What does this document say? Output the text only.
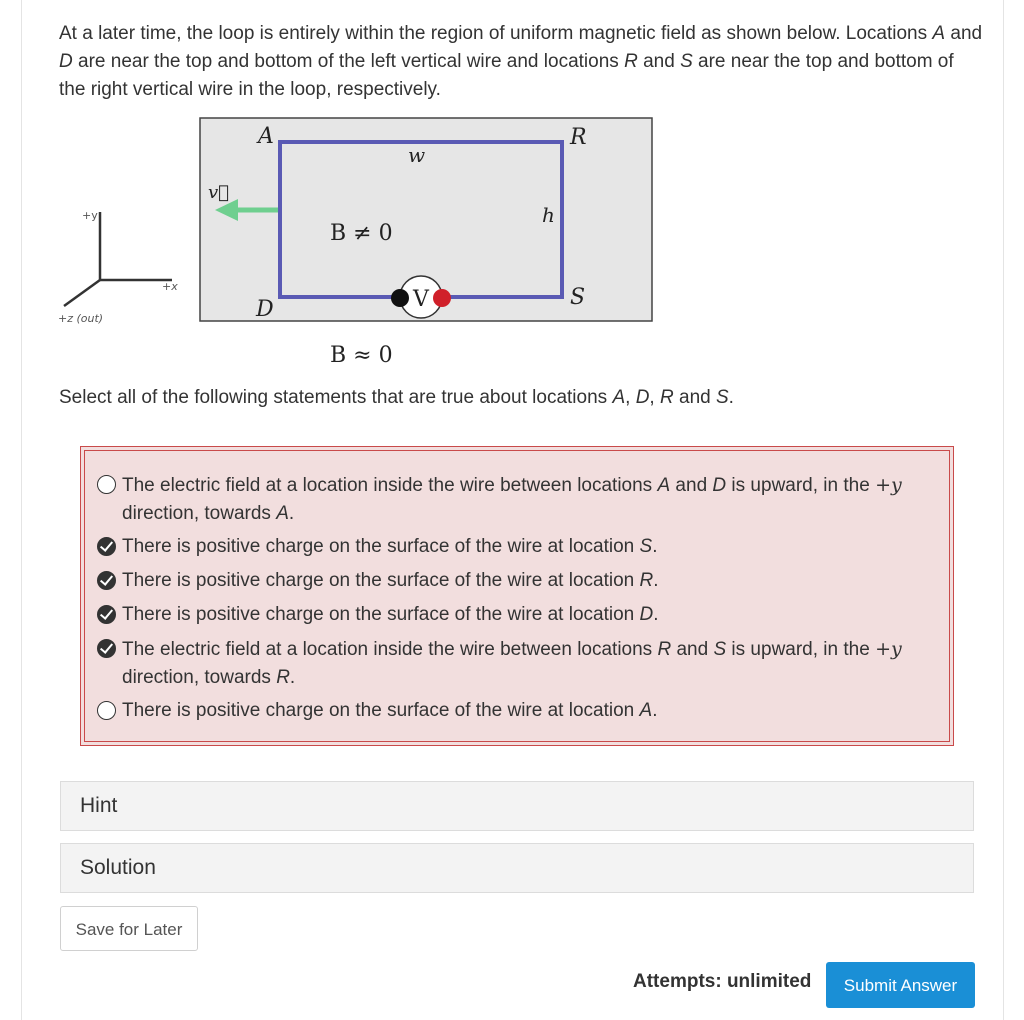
At a later time, the loop is entirely within the region of uniform magnetic field as shown below. Locations A and D are near the top and bottom of the left vertical wire and locations R and S are near the top and bottom of the right vertical wire in the loop, respectively.
v⃗
V
A	R
D	S
w
h
B ≠ 0
B ≈ 0
+y
+x
+z (out)
Select all of the following statements that are true about locations A, D, R and S.
The electric field at a location inside the wire between locations A and D is upward, in the +y direction, towards A.
There is positive charge on the surface of the wire at location S.
There is positive charge on the surface of the wire at location R.
There is positive charge on the surface of the wire at location D.
The electric field at a location inside the wire between locations R and S is upward, in the +y direction, towards R.
There is positive charge on the surface of the wire at location A.
Hint
Solution
Save for Later
Attempts: unlimited	Submit Answer
